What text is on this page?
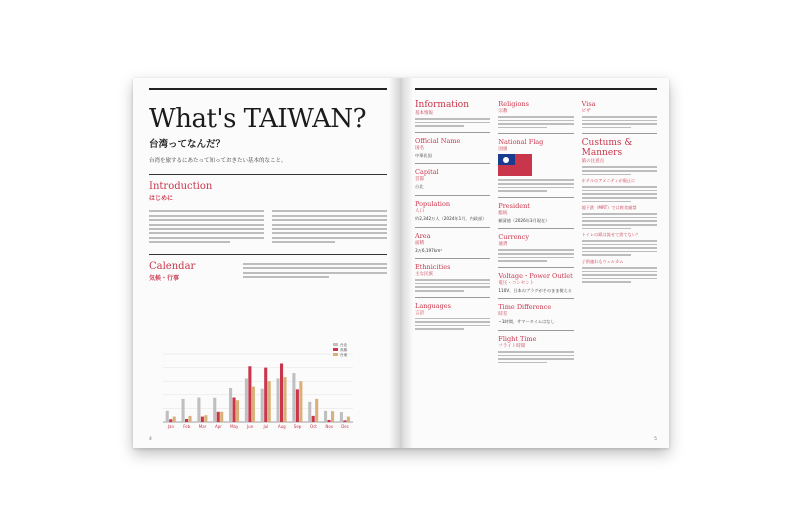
What's TAIWAN?
台湾ってなんだ？
台湾を旅するにあたって知っておきたい基本的なこと。
Introduction
はじめに
Calendar
気候・行事
Jan Feb Mar Apr May Jun	Jul Aug Sep Oct Nov Dec
台北
高雄
台東
4
Information
基本情報
Official Name
国名
中華民国
Capital
首都
台北
Population
人口
約2,342万人（2024年1月、内政部）
Area
面積
3万6,197km²
Ethnicities
主な民族
Languages
言語
Religions
宗教
National Flag
国旗
President
総統
頼清徳（2026年3月現在）
Currency
通貨
Voltage・Power Outlet
電圧・コンセント
110V、日本のプラグがそのまま使える
Time Difference
時差
−1時間、サマータイムはなし
Flight Time
フライト時間
Visa
ビザ
Custums & Manners
旅の注意点
ホテルのアメニティが廃止に
地下鉄（MRT）では飲食厳禁
トイレの紙は流せて捨てない？
子供連れもウェルカム
5
